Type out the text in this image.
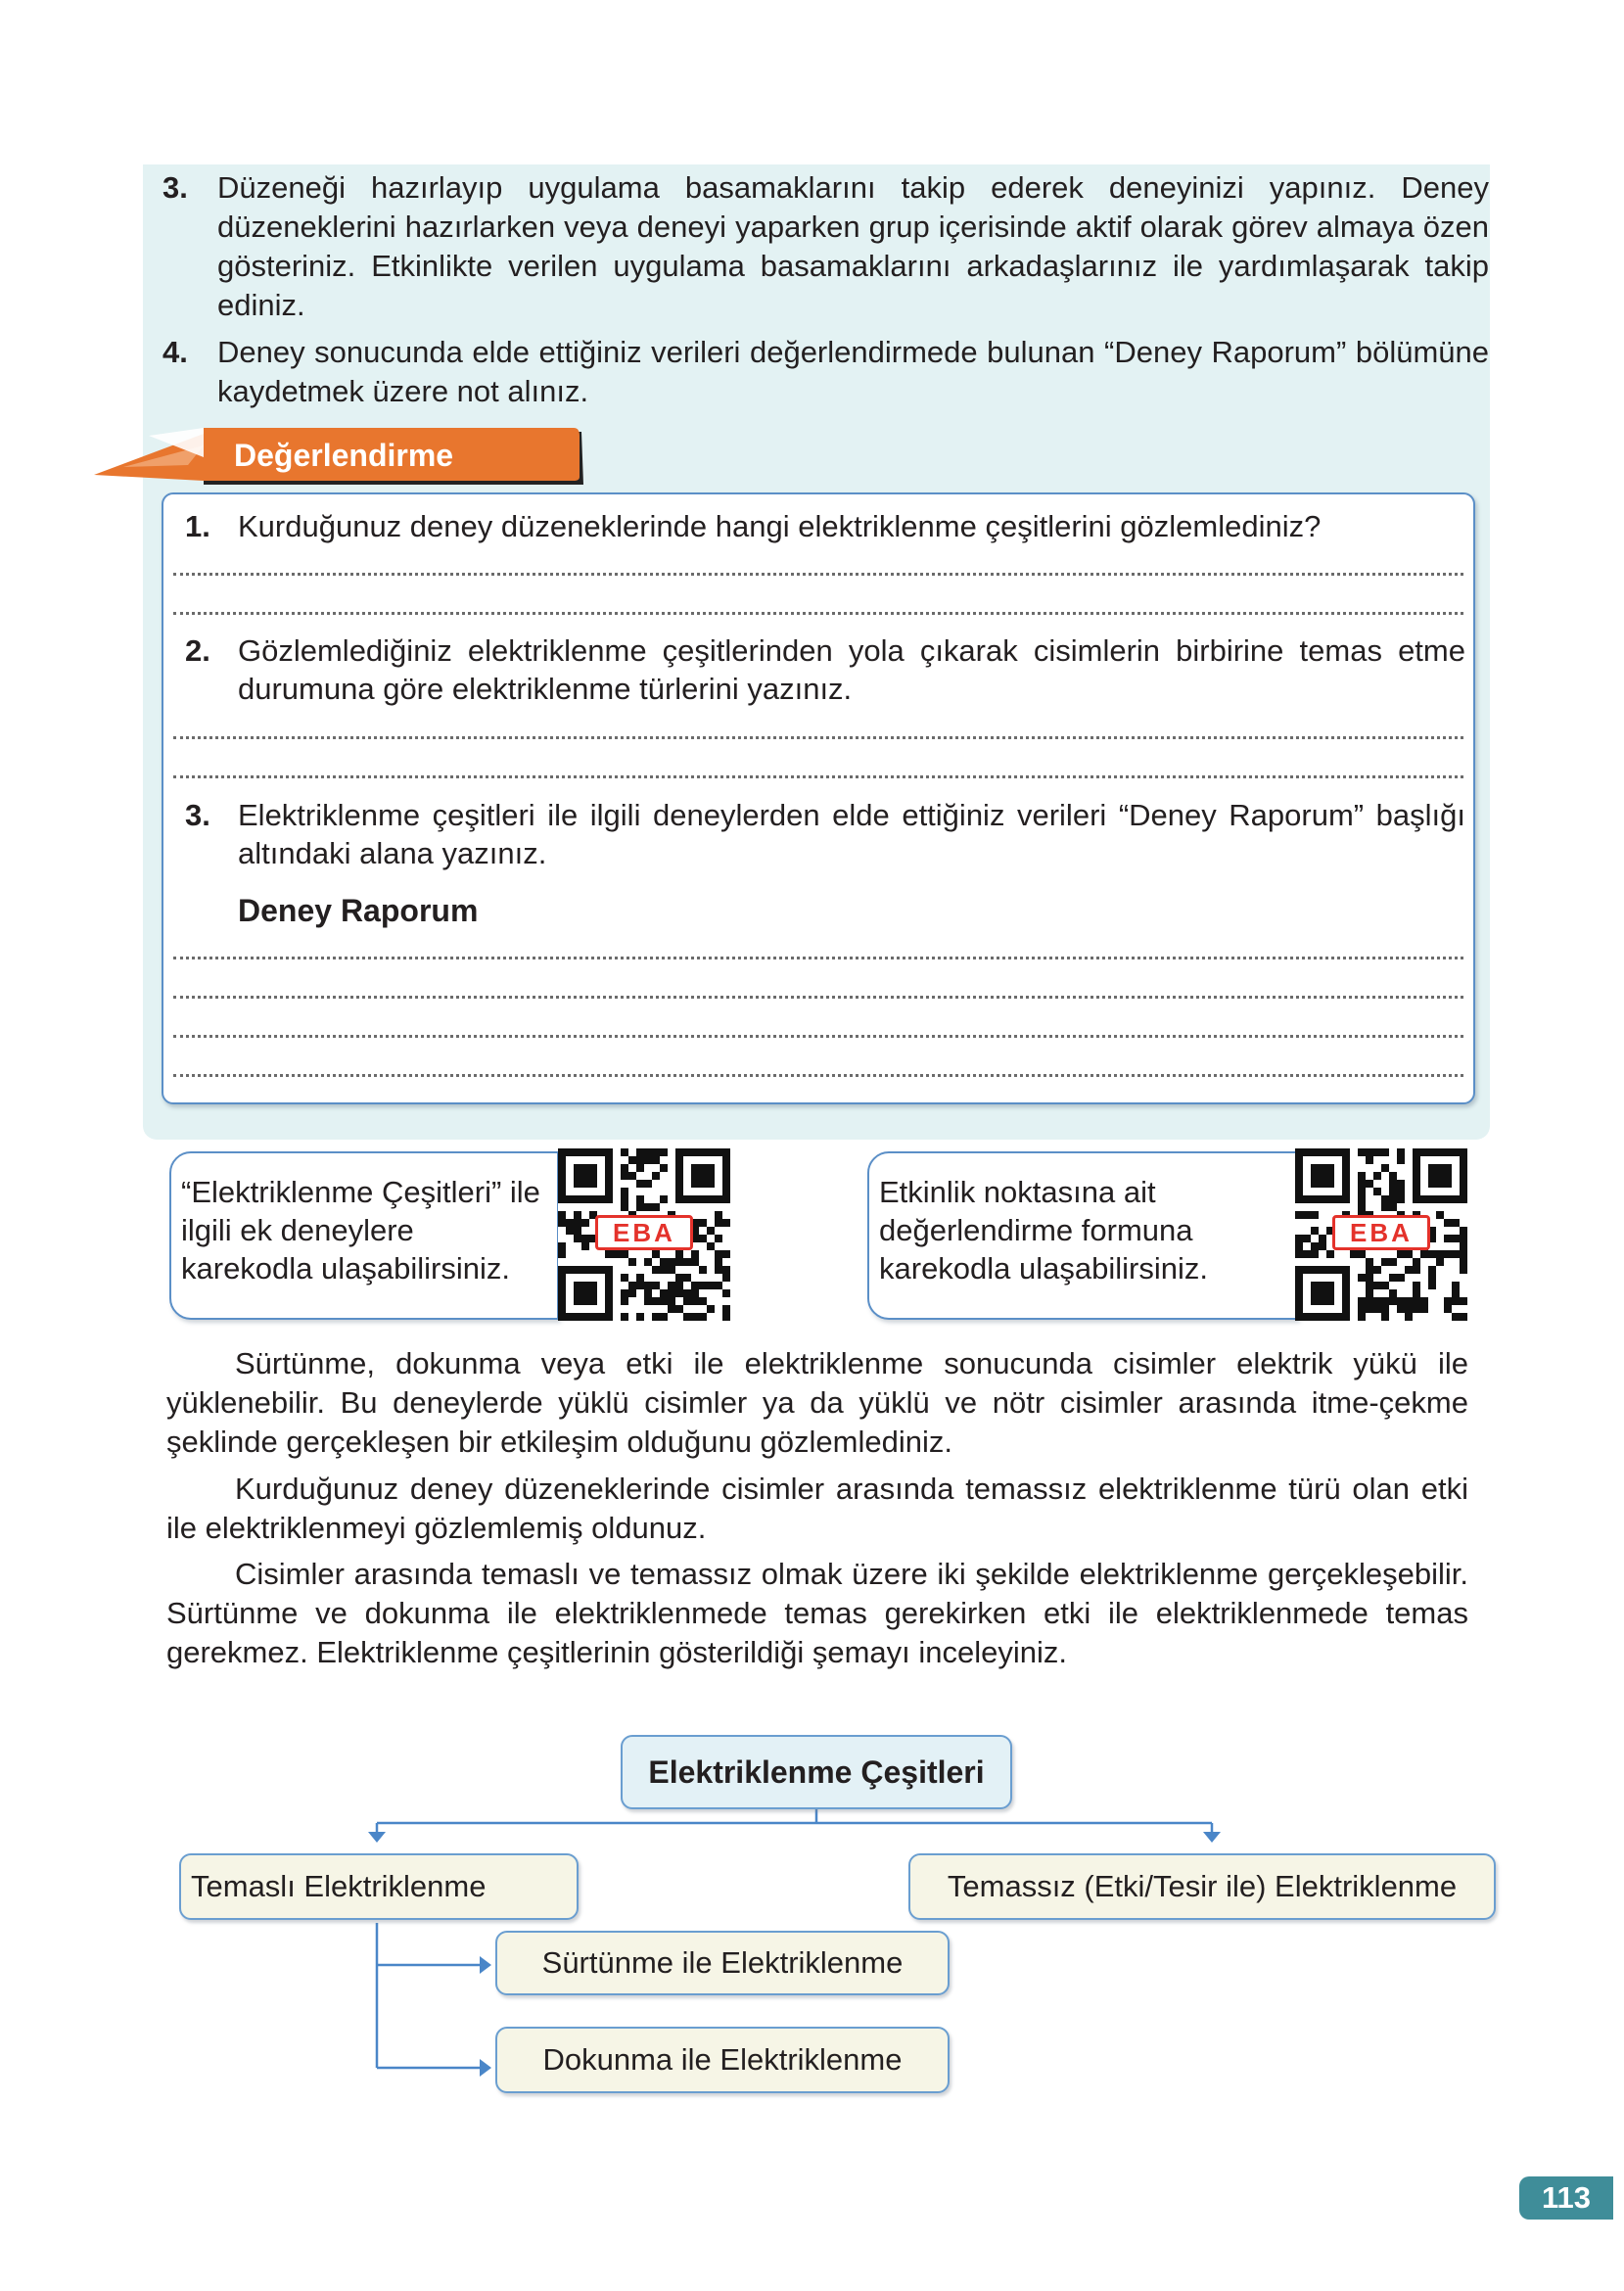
3. Düzeneği hazırlayıp uygulama basamaklarını takip ederek deneyinizi yapınız. Deney düzeneklerini hazırlarken veya deneyi yaparken grup içerisinde aktif olarak görev almaya özen gösteriniz. Etkinlikte verilen uygulama basamaklarını arkadaşlarınız ile yardımlaşarak takip ediniz.
4. Deney sonucunda elde ettiğiniz verileri değerlendirmede bulunan “Deney Raporum” bölümüne kaydetmek üzere not alınız.
Değerlendirme
1. Kurduğunuz deney düzeneklerinde hangi elektriklenme çeşitlerini gözlemlediniz?
2. Gözlemlediğiniz elektriklenme çeşitlerinden yola çıkarak cisimlerin birbirine temas etme durumuna göre elektriklenme türlerini yazınız.
3. Elektriklenme çeşitleri ile ilgili deneylerden elde ettiğiniz verileri “Deney Raporum” başlığı altındaki alana yazınız.
Deney Raporum
“Elektriklenme Çeşitleri” ile ilgili ek deneylere karekodla ulaşabilirsiniz.
EBA
Etkinlik noktasına ait değerlendirme formuna karekodla ulaşabilirsiniz.
EBA

Sürtünme, dokunma veya etki ile elektriklenme sonucunda cisimler elektrik yükü ile yüklenebilir. Bu deneylerde yüklü cisimler ya da yüklü ve nötr cisimler arasında itme-çekme şeklinde gerçekleşen bir etkileşim olduğunu gözlemlediniz.

Kurduğunuz deney düzeneklerinde cisimler arasında temassız elektriklenme türü olan etki ile elektriklenmeyi gözlemlemiş oldunuz.

Cisimler arasında temaslı ve temassız olmak üzere iki şekilde elektriklenme gerçekleşebilir. Sürtünme ve dokunma ile elektriklenmede temas gerekirken etki ile elektriklenmede temas gerekmez. Elektriklenme çeşitlerinin gösterildiği şemayı inceleyiniz.

Elektriklenme Çeşitleri
Temaslı Elektriklenme	Temassız (Etki/Tesir ile) Elektriklenme
Sürtünme ile Elektriklenme
Dokunma ile Elektriklenme
113
